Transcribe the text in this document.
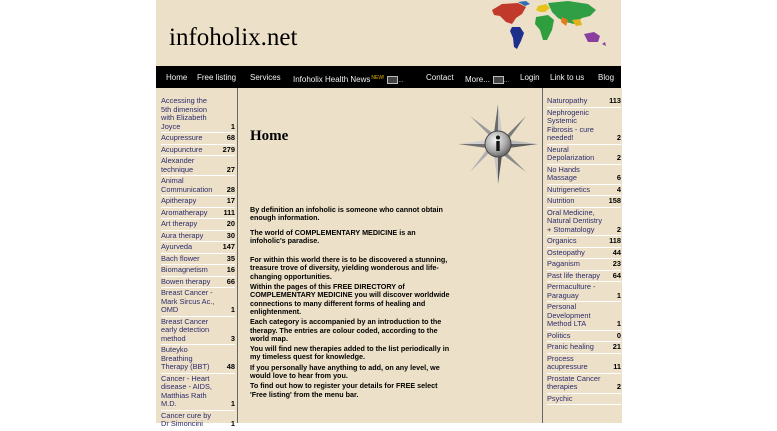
infoholix.net
Home Free listing Services Infoholix Health News$^{NEW!}$ ...	Contact More... ... Login Link to us Blog
Accessing the 5th dimension with Elizabeth Joyce	1
Acupressure	68
Acupuncture	279
Alexander technique	27
Animal Communication	28
Apitherapy	17
Aromatherapy	111
Art therapy	20
Aura therapy	30
Ayurveda	147
Bach flower	35
Biomagnetism	16
Bowen therapy	66
Breast Cancer - Mark Sircus Ac., OMD	1
Breast Cancer early detection method	3
Buteyko Breathing Therapy (BBT)	48
Cancer - Heart disease - AIDS, Matthias Rath M.D.	1
Cancer cure by Dr Simoncini	1
Home
By definition an infoholic is someone who cannot obtain enough information.
The world of COMPLEMENTARY MEDICINE is an infoholic's paradise.
For within this world there is to be discovered a stunning, treasure trove of diversity, yielding wonderous and life-changing opportunities.
Within the pages of this FREE DIRECTORY of COMPLEMENTARY MEDICINE you will discover worldwide connections to many different forms of healing and enlightenment.
Each category is accompanied by an introduction to the therapy. The entries are colour coded, according to the world map.
You will find new therapies added to the list periodically in my timeless quest for knowledge.
If you personally have anything to add, on any level, we would love to hear from you.
To find out how to register your details for FREE select 'Free listing' from the menu bar.
Naturopathy	113
Nephrogenic Systemic Fibrosis - cure needed!	2
Neural Depolarization	2
No Hands Massage	6
Nutrigenetics	4
Nutrition	158
Oral Medicine, Natural Dentistry + Stomatology	2
Organics	118
Osteopathy	44
Paganism	23
Past life therapy	64
Permaculture - Paraguay	1
Personal Development Method LTA	1
Politics	0
Pranic healing	21
Process acupressure	11
Prostate Cancer therapies	2
Psychic
